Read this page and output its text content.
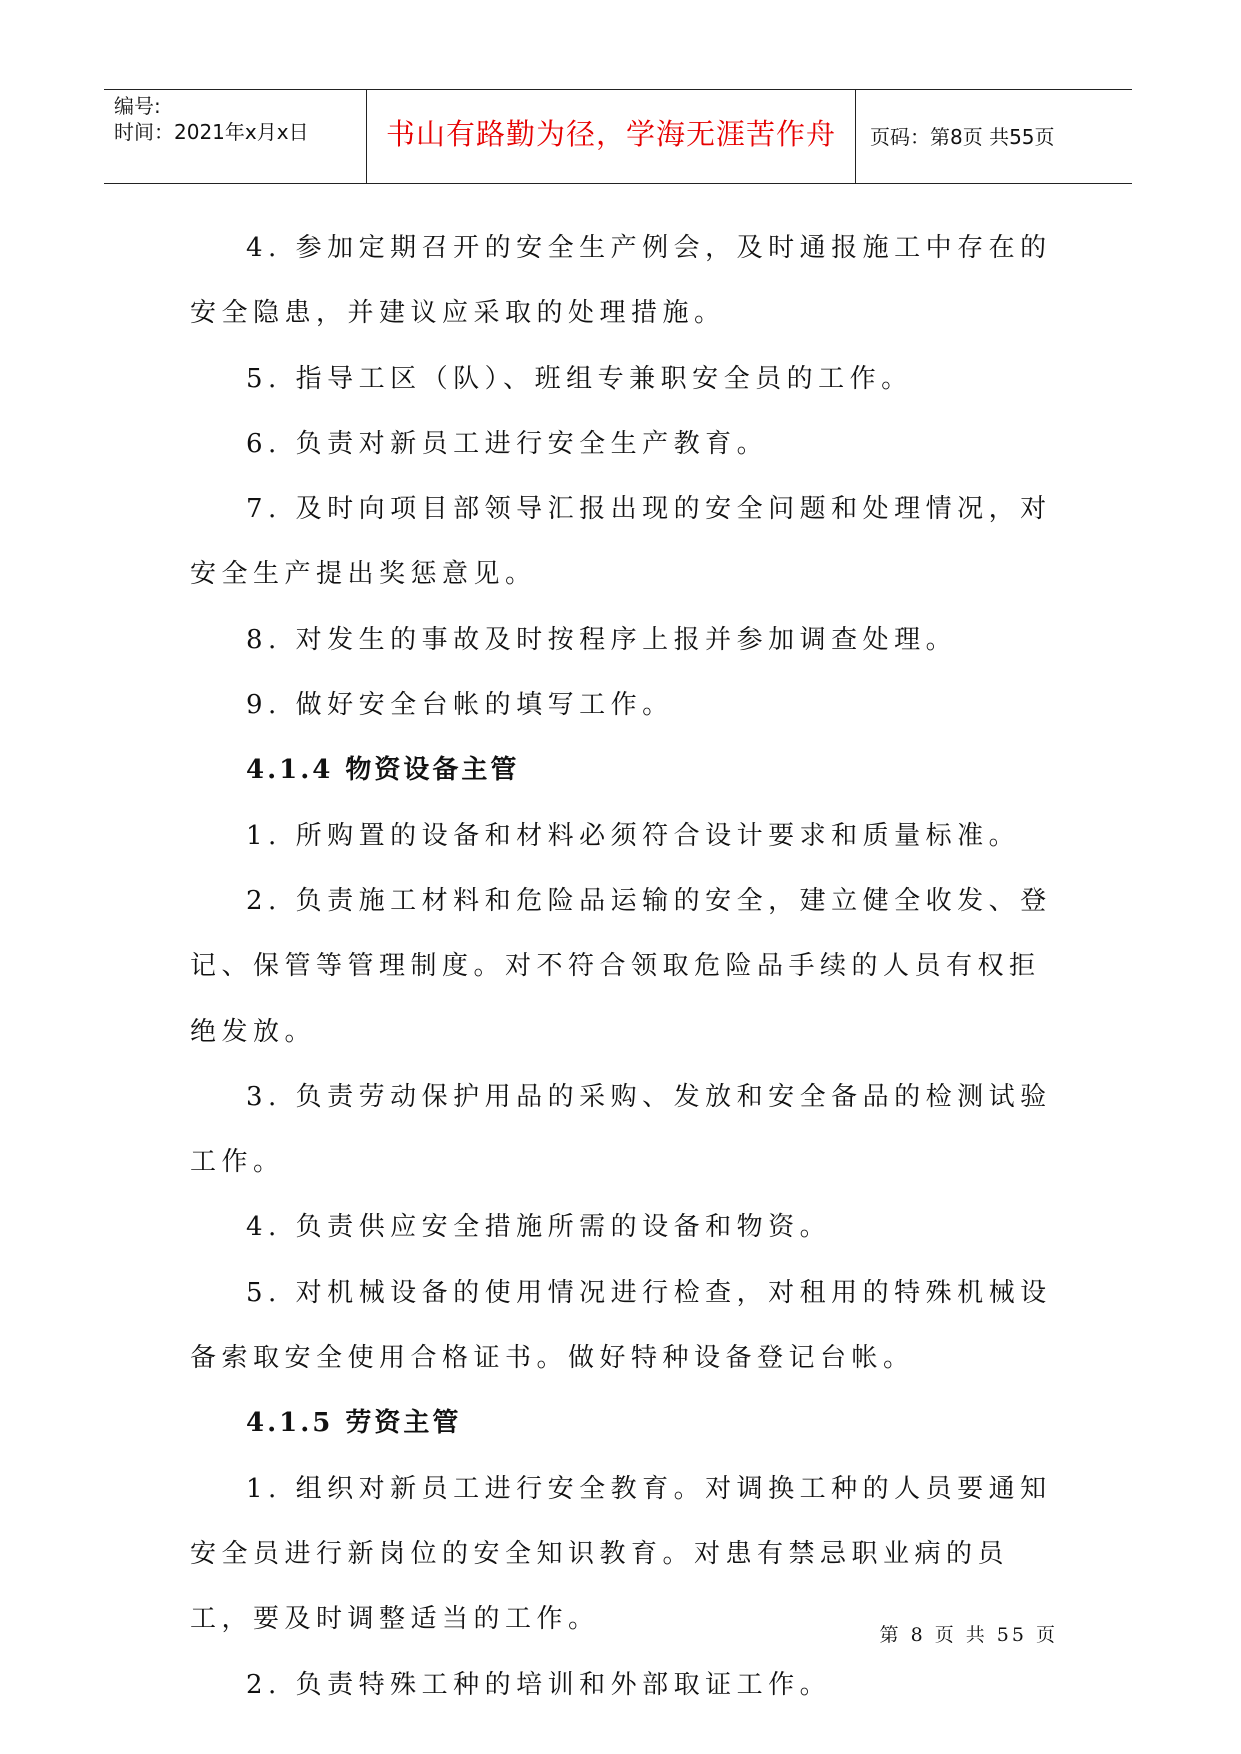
编号:
时间：2021年x月x日	书山有路勤为径，学海无涯苦作舟	页码：第8页 共55页

4. 参加定期召开的安全生产例会，及时通报施工中存在的安全隐患，并建议应采取的处理措施。

5. 指导工区（队）、班组专兼职安全员的工作。

6. 负责对新员工进行安全生产教育。

7. 及时向项目部领导汇报出现的安全问题和处理情况，对安全生产提出奖惩意见。

8. 对发生的事故及时按程序上报并参加调查处理。

9. 做好安全台帐的填写工作。

4.1.4 物资设备主管

1. 所购置的设备和材料必须符合设计要求和质量标准。

2. 负责施工材料和危险品运输的安全，建立健全收发、登记、保管等管理制度。对不符合领取危险品手续的人员有权拒绝发放。

3. 负责劳动保护用品的采购、发放和安全备品的检测试验工作。

4. 负责供应安全措施所需的设备和物资。

5. 对机械设备的使用情况进行检查，对租用的特殊机械设备索取安全使用合格证书。做好特种设备登记台帐。

4.1.5 劳资主管

1. 组织对新员工进行安全教育。对调换工种的人员要通知安全员进行新岗位的安全知识教育。对患有禁忌职业病的员工，要及时调整适当的工作。

2. 负责特殊工种的培训和外部取证工作。

第 8 页 共 55 页
